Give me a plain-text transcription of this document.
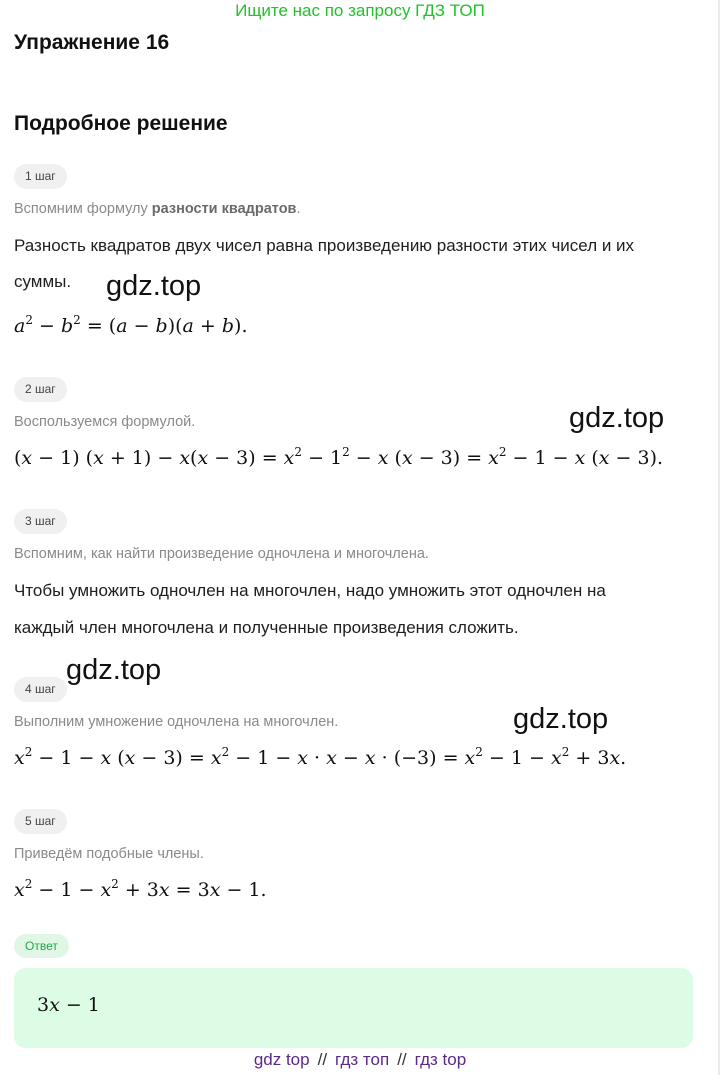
Ищите нас по запросу ГДЗ ТОП
Упражнение 16
Подробное решение
1 шаг
Вспомним формулу разности квадратов.
Разность квадратов двух чисел равна произведению разности этих чисел и их
суммы.
$a^2 - b^2 = (a - b)(a + b)$.
2 шаг
Воспользуемся формулой.
(x − 1) $(x + 1) - x(x - 3) = x^2 - 1^2 - x$ $(x - 3) = x^2 - 1 - x$ (x − 3).
3 шаг
Вспомним, как найти произведение одночлена и многочлена.
Чтобы умножить одночлен на многочлен, надо умножить этот одночлен на
каждый член многочлена и полученные произведения сложить.
4 шаг
Выполним умножение одночлена на многочлен.
$x^2 - 1 - x$ $(x - 3) = x^2 - 1 - x \cdot x - x \cdot (-3) = x^2 - 1 - x^2 + 3x$.
5 шаг
Приведём подобные члены.
$x^2 - 1 - x^2 + 3x = 3x - 1$.
Ответ
3x − 1
gdz.top
gdz.top
gdz.top
gdz.top
gdz top // гдз топ // гдз top
